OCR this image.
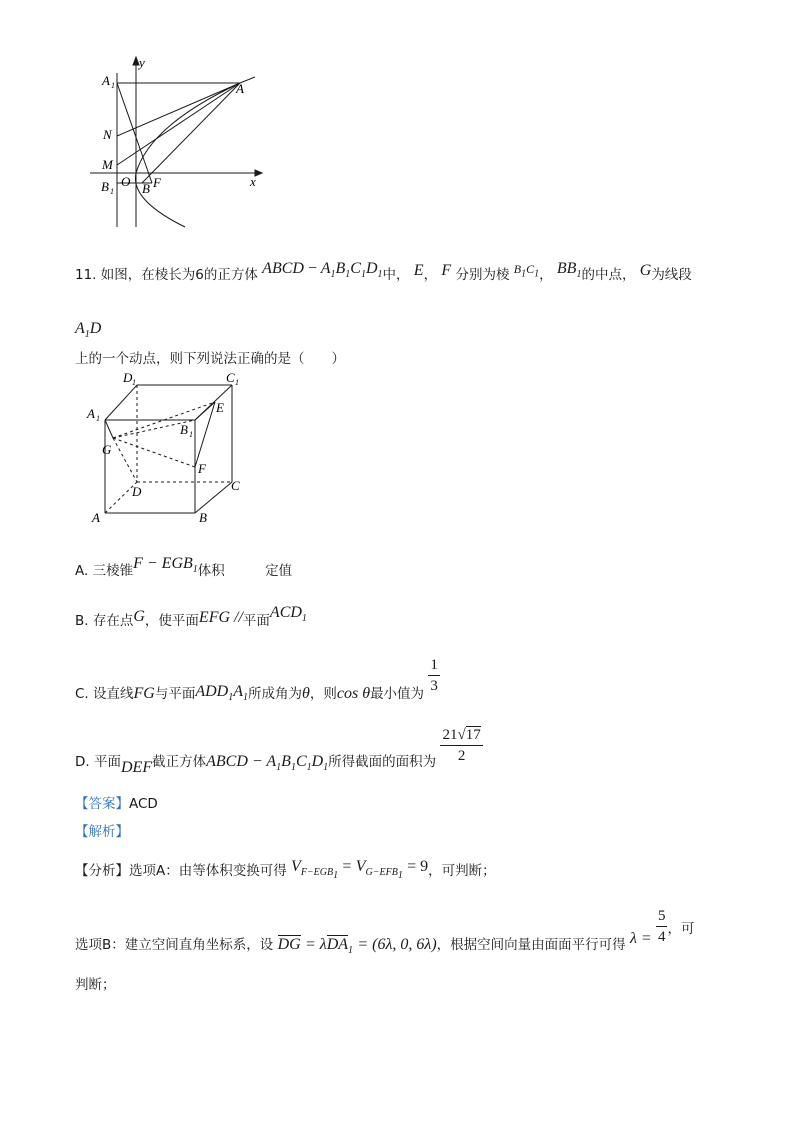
y
A 1	A
N
M
O	x
B 1 B F
11. 如图，在棱长为6的正方体 ABCD − $A_1B_1C_1D_1$中， E， F 分别为棱 $B_1C_1$， $BB_1$的中点， G为线段
$A_1D$
上的一个动点，则下列说法正确的是（　　）
D 1	C 1
A 1
E
B 1
G
F
D	C
A	B
A. 三棱锥$F - EGB_1$体积	定值
B. 存在点G，使平面EFG //平面$ACD_1$
C. 设直线FG与平面$ADD_1A_1$所成角为θ，则cos θ最小值为 $\frac{1}{3}$
D. 平面DEF截正方体ABCD − $A_1B_1C_1D_1$所得截面的面积为 $\frac{21√17}{2}$
【答案】ACD
【解析】
【分析】选项A：由等体积变换可得 $V_{F-EGB_1} = V_{G-EFB_1} = 9$，可判断；
选项B：建立空间直角坐标系，设 DG = λDA$_1$ = (6λ, 0, 6λ)，根据空间向量由面面平行可得 $\lambda = \frac{5}{4}$ ，可
判断；
